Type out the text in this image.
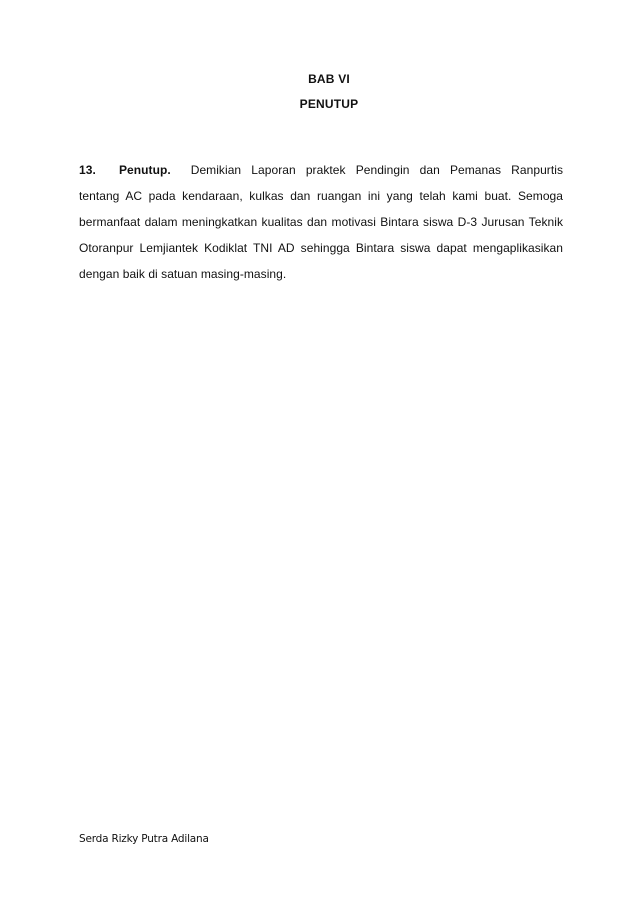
BAB VI
PENUTUP

13. Penutup. Demikian Laporan praktek Pendingin dan Pemanas Ranpurtis tentang AC pada kendaraan, kulkas dan ruangan ini yang telah kami buat. Semoga bermanfaat dalam meningkatkan kualitas dan motivasi Bintara siswa D-3 Jurusan Teknik Otoranpur Lemjiantek Kodiklat TNI AD sehingga Bintara siswa dapat mengaplikasikan dengan baik di satuan masing-masing.

Serda Rizky Putra Adilana
